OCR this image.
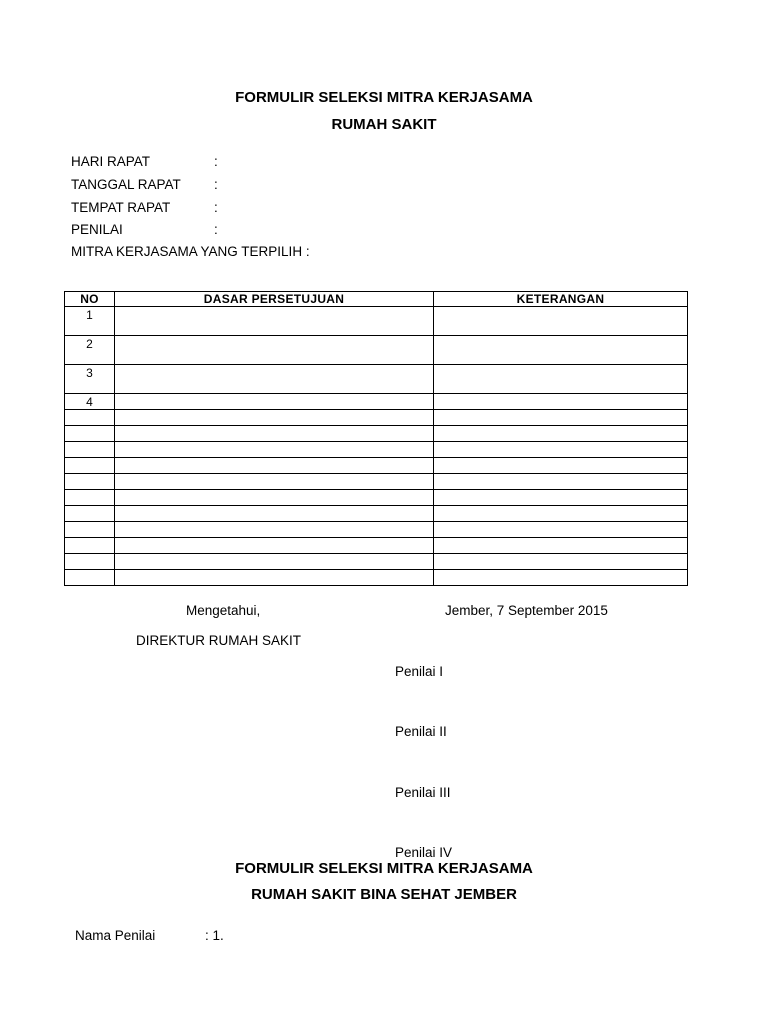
FORMULIR SELEKSI MITRA KERJASAMA
RUMAH SAKIT
HARI RAPAT	:
TANGGAL RAPAT :
TEMPAT RAPAT	:
PENILAI	:
MITRA KERJASAMA YANG TERPILIH :
NO	DASAR PERSETUJUAN	KETERANGAN
1		
2		
3		
4		

Mengetahui,	Jember, 7 September 2015
DIREKTUR RUMAH SAKIT
Penilai I
Penilai II
Penilai III
Penilai IV
FORMULIR SELEKSI MITRA KERJASAMA
RUMAH SAKIT BINA SEHAT JEMBER
Nama Penilai	: 1.
